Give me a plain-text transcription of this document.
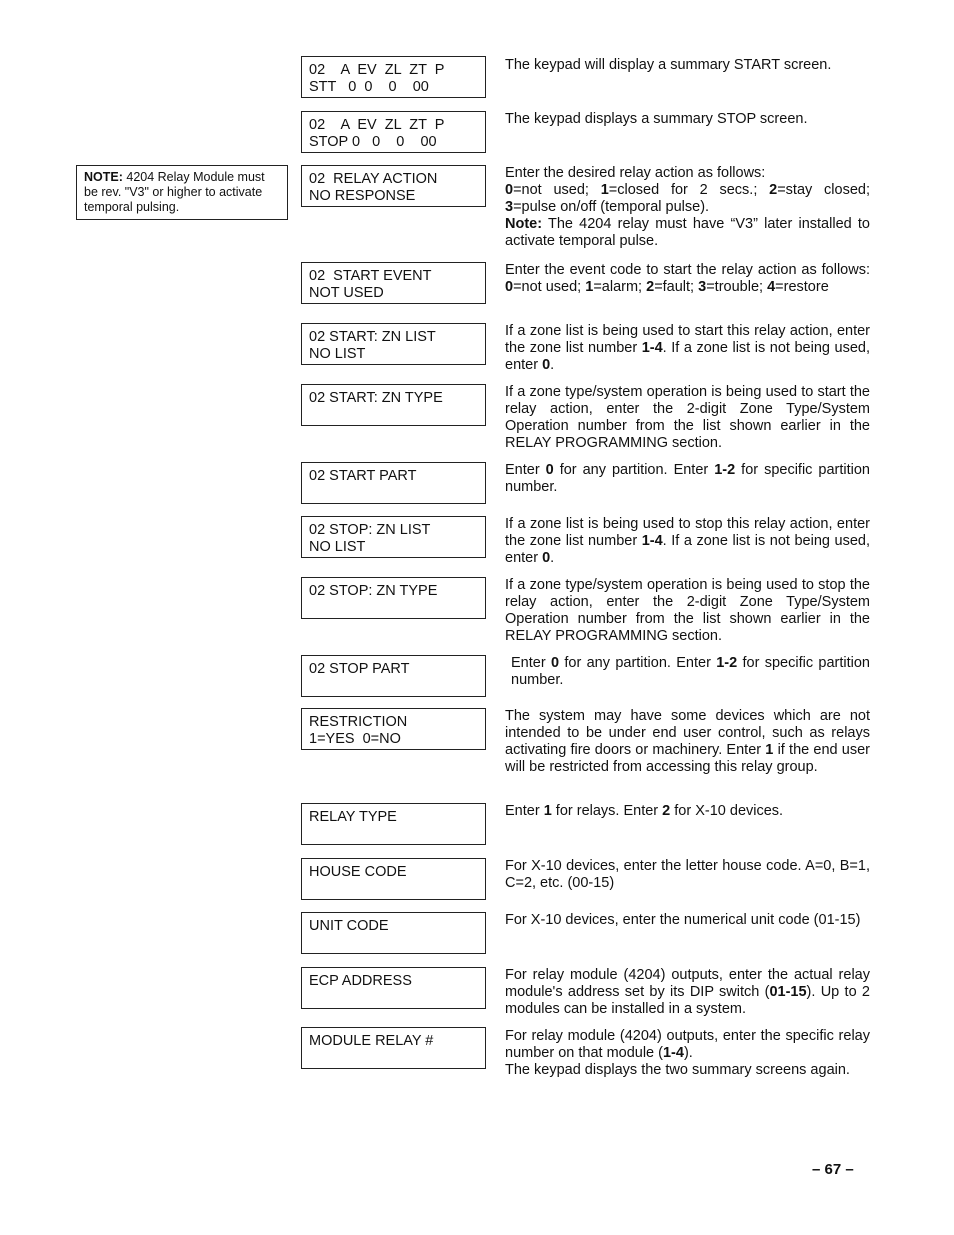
NOTE: 4204 Relay Module must be rev. "V3" or higher to activate temporal pulsing.
02    A  EV  ZL  ZT  P
STT   0  0    0    00
02    A  EV  ZL  ZT  P
STOP 0   0    0    00
02  RELAY ACTION
NO RESPONSE
02  START EVENT
NOT USED
02 START: ZN LIST
NO LIST
02 START: ZN TYPE

02 START PART

02 STOP: ZN LIST
NO LIST
02 STOP: ZN TYPE

02 STOP PART

RESTRICTION
1=YES  0=NO
RELAY TYPE

HOUSE CODE

UNIT CODE

ECP ADDRESS

MODULE RELAY #

The keypad will display a summary START screen.

The keypad displays a summary STOP screen.

Enter the desired relay action as follows:

0=not used; 1=closed for 2 secs.; 2=stay closed; 3=pulse on/off (temporal pulse).

Note: The 4204 relay must have “V3” later installed to activate temporal pulse.

Enter the event code to start the relay action as follows: 0=not used; 1=alarm; 2=fault; 3=trouble; 4=restore

If a zone list is being used to start this relay action, enter the zone list number 1-4. If a zone list is not being used, enter 0.

If a zone type/system operation is being used to start the relay action, enter the 2-digit Zone Type/System Operation number from the list shown earlier in the RELAY PROGRAMMING section.

Enter 0 for any partition. Enter 1-2 for specific partition number.

If a zone list is being used to stop this relay action, enter the zone list number 1-4. If a zone list is not being used, enter 0.

If a zone type/system operation is being used to stop the relay action, enter the 2-digit Zone Type/System Operation number from the list shown earlier in the RELAY PROGRAMMING section.

Enter 0 for any partition. Enter 1-2 for specific partition number.

The system may have some devices which are not intended to be under end user control, such as relays activating fire doors or machinery. Enter 1 if the end user will be restricted from accessing this relay group.

Enter 1 for relays. Enter 2 for X-10 devices.

For X-10 devices, enter the letter house code. A=0, B=1, C=2, etc. (00-15)

For X-10 devices, enter the numerical unit code (01-15)

For relay module (4204) outputs, enter the actual relay module's address set by its DIP switch (01-15). Up to 2 modules can be installed in a system.

For relay module (4204) outputs, enter the specific relay number on that module (1-4).

The keypad displays the two summary screens again.

– 67 –
